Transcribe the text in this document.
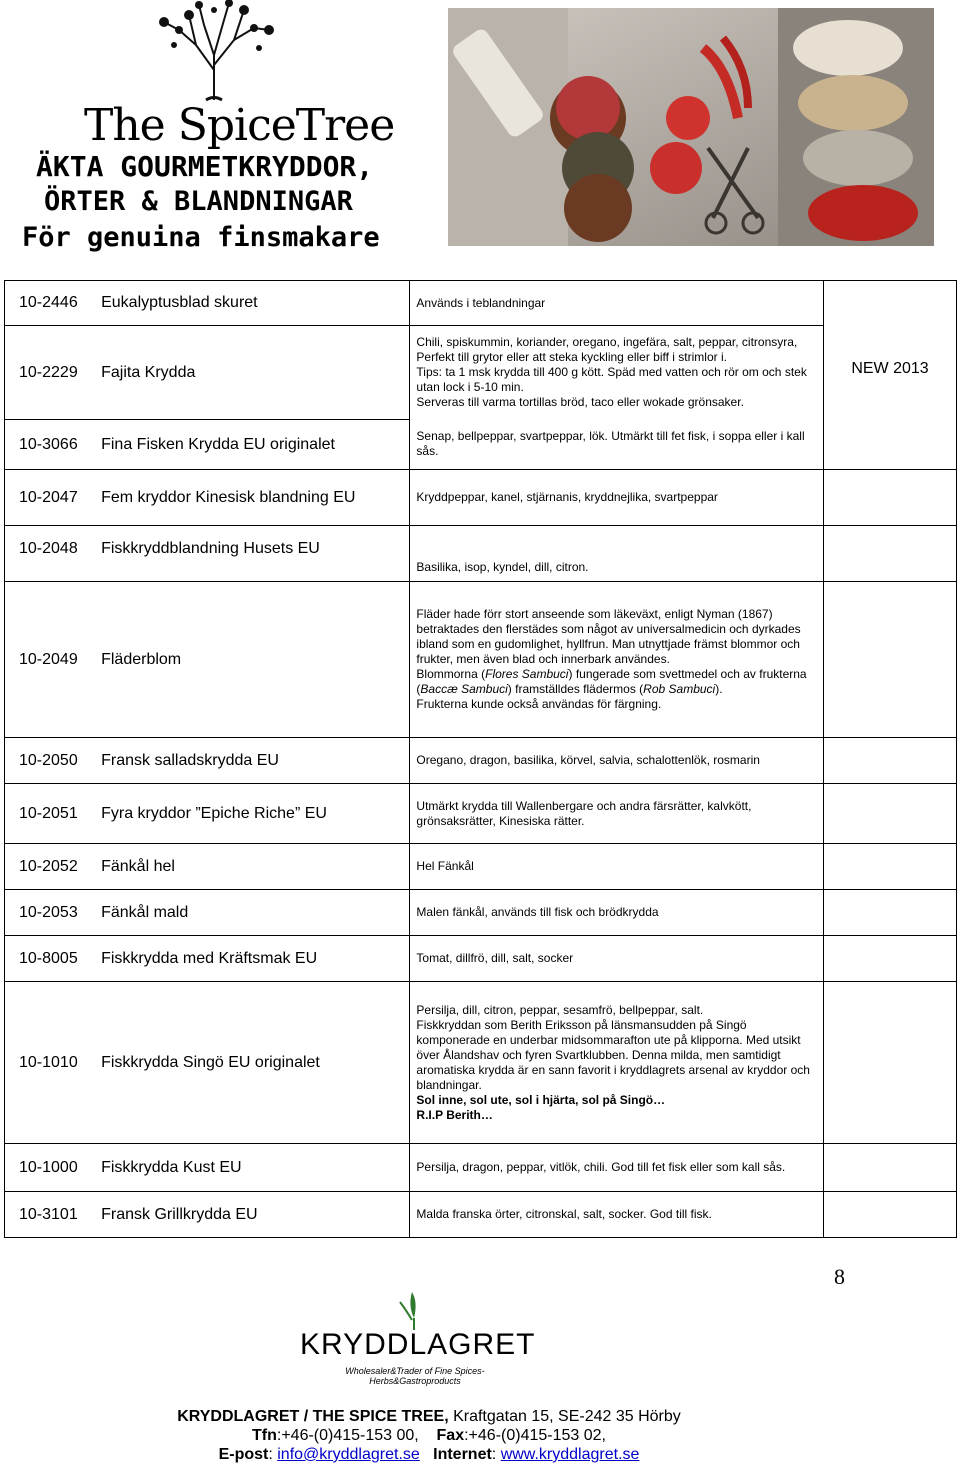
The SpiceTree
ÄKTA GOURMETKRYDDOR,
ÖRTER & BLANDNINGAR
För genuina finsmakare
10-2446	Eukalyptusblad skuret	Används i teblandningar	
10-2229	Fajita Krydda	Chili, spiskummin, koriander, oregano, ingefära, salt, peppar, citronsyra,

Perfekt till grytor eller att steka kyckling eller biff i strimlor i.

Tips: ta 1 msk krydda till 400 g kött. Späd med vatten och rör om och stek utan lock i 5-10 min.

Serveras till varma tortillas bröd, taco eller wokade grönsaker.	

10-3066	Fina Fisken Krydda EU originalet	Senap, bellpeppar, svartpeppar, lök. Utmärkt till fet fisk, i soppa eller i kall sås.	
10-2047	Fem kryddor Kinesisk blandning EU	Kryddpeppar, kanel, stjärnanis, kryddnejlika, svartpeppar	
10-2048	Fiskkryddblandning Husets EU	Basilika, isop, kyndel, dill, citron.	
10-2049	Fläderblom	Fläder hade förr stort anseende som läkeväxt, enligt Nyman (1867) betraktades den flerstädes som något av universalmedicin och dyrkades ibland som en gudomlighet, hyllfrun. Man utnyttjade främst blommor och frukter, men även blad och innerbark användes.

Blommorna (Flores Sambuci) fungerade som svettmedel och av frukterna (Baccæ Sambuci) framställdes flädermos (Rob Sambuci).

Frukterna kunde också användas för färgning.	

10-2050	Fransk salladskrydda EU	Oregano, dragon, basilika, körvel, salvia, schalottenlök, rosmarin	
10-2051	Fyra kryddor ”Epiche Riche” EU	Utmärkt krydda till Wallenbergare och andra färsrätter, kalvkött, grönsaksrätter, Kinesiska rätter.	
10-2052	Fänkål hel	Hel Fänkål	
10-2053	Fänkål mald	Malen fänkål, används till fisk och brödkrydda	
10-8005	Fiskkrydda med Kräftsmak EU	Tomat, dillfrö, dill, salt, socker	
10-1010	Fiskkrydda Singö EU originalet	Persilja, dill, citron, peppar, sesamfrö, bellpeppar, salt.

Fiskkryddan som Berith Eriksson på länsmansudden på Singö komponerade en underbar midsommarafton ute på klipporna. Med utsikt över Ålandshav och fyren Svartklubben. Denna milda, men samtidigt aromatiska krydda är en sann favorit i kryddlagrets arsenal av kryddor och blandningar.

Sol inne, sol ute, sol i hjärta, sol på Singö…

R.I.P Berith…	

10-1000	Fiskkrydda Kust EU	Persilja, dragon, peppar, vitlök, chili. God till fet fisk eller som kall sås.	
10-3101	Fransk Grillkrydda EU	Malda franska örter, citronskal, salt, socker. God till fisk.	
NEW 2013
8
KRYDDLAGRET
Wholesaler&Trader of Fine Spices-Herbs&Gastroproducts
KRYDDLAGRET / THE SPICE TREE, Kraftgatan 15, SE-242 35 Hörby
Tfn:+46-(0)415-153 00, Fax:+46-(0)415-153 02,
E-post: info@kryddlagret.se Internet: www.kryddlagret.se
